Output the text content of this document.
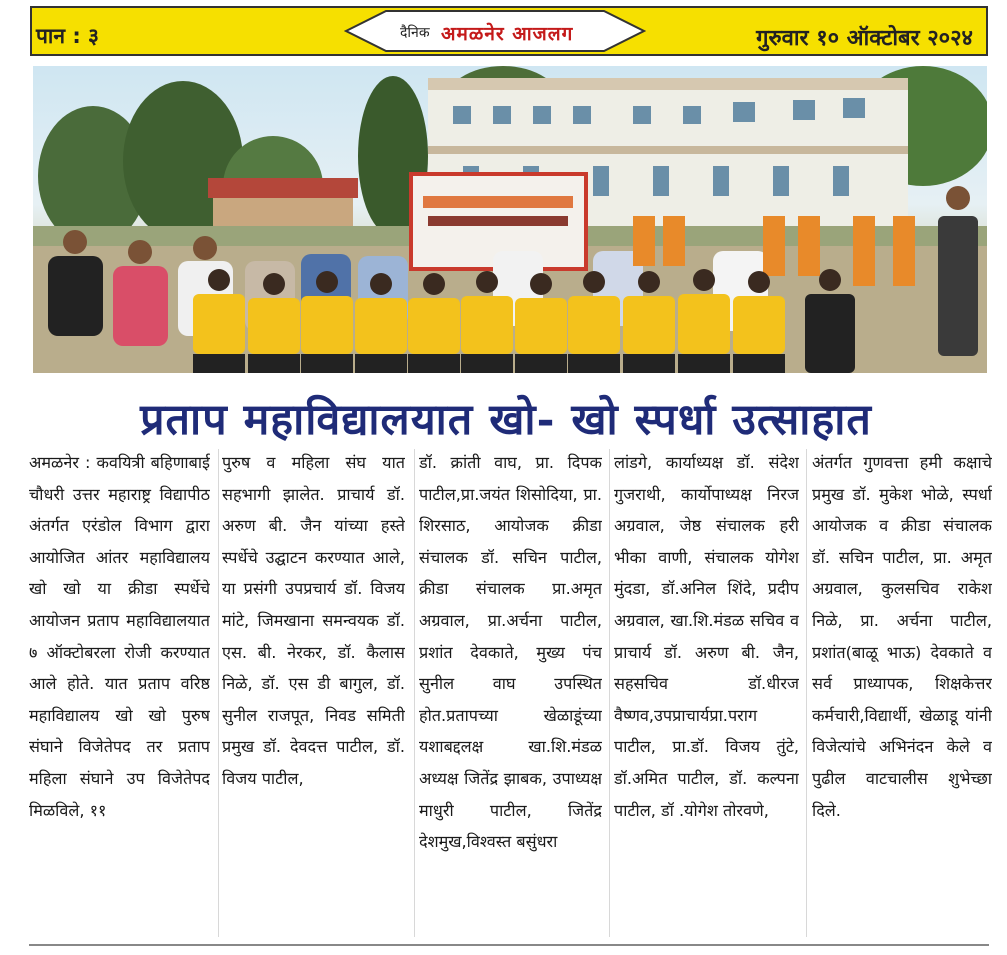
पान : ३	दैनिक अमळनेर आजलग	गुरुवार १० ऑक्टोबर २०२४
प्रताप महाविद्यालयात खो- खो स्पर्धा उत्साहात

अमळनेर : कवयित्री बहिणाबाई चौधरी उत्तर महाराष्ट्र विद्यापीठ अंतर्गत एरंडोल विभाग द्वारा आयोजित आंतर महाविद्यालय खो खो या क्रीडा स्पर्धेचे आयोजन प्रताप महाविद्यालयात ७ ऑक्टोबरला रोजी करण्यात आले होते. यात प्रताप वरिष्ठ महाविद्यालय खो खो पुरुष संघाने विजेतेपद तर प्रताप महिला संघाने उप विजेतेपद मिळविले, ११

पुरुष व महिला संघ यात सहभागी झालेत. प्राचार्य डॉ. अरुण बी. जैन यांच्या हस्ते स्पर्धेचे उद्घाटन करण्यात आले, या प्रसंगी उपप्रचार्य डॉ. विजय मांटे, जिमखाना समन्वयक डॉ. एस. बी. नेरकर, डॉ. कैलास निळे, डॉ. एस डी बागुल, डॉ. सुनील राजपूत, निवड समिती प्रमुख डॉ. देवदत्त पाटील, डॉ. विजय पाटील,

डॉ. क्रांती वाघ, प्रा. दिपक पाटील,प्रा.जयंत शिसोदिया, प्रा. शिरसाठ, आयोजक क्रीडा संचालक डॉ. सचिन पाटील, क्रीडा संचालक प्रा.अमृत अग्रवाल, प्रा.अर्चना पाटील, प्रशांत देवकाते, मुख्य पंच सुनील वाघ उपस्थित होत.प्रतापच्या खेळाडूंच्या यशाबद्दलक्ष खा.शि.मंडळ अध्यक्ष जितेंद्र झाबक, उपाध्यक्ष माधुरी पाटील, जितेंद्र देशमुख,विश्वस्त बसुंधरा

लांडगे, कार्याध्यक्ष डॉ. संदेश गुजराथी, कार्योपाध्यक्ष निरज अग्रवाल, जेष्ठ संचालक हरी भीका वाणी, संचालक योगेश मुंदडा, डॉ.अनिल शिंदे, प्रदीप अग्रवाल, खा.शि.मंडळ सचिव व प्राचार्य डॉ. अरुण बी. जैन, सहसचिव डॉ.धीरज वैष्णव,उपप्राचार्यप्रा.पराग पाटील, प्रा.डॉ. विजय तुंटे, डॉ.अमित पाटील, डॉ. कल्पना पाटील, डॉ .योगेश तोरवणे,

अंतर्गत गुणवत्ता हमी कक्षाचे प्रमुख डॉ. मुकेश भोळे, स्पर्धा आयोजक व क्रीडा संचालक डॉ. सचिन पाटील, प्रा. अमृत अग्रवाल, कुलसचिव राकेश निळे, प्रा. अर्चना पाटील, प्रशांत(बाळू भाऊ) देवकाते व सर्व प्राध्यापक, शिक्षकेत्तर कर्मचारी,विद्यार्थी, खेळाडू यांनी विजेत्यांचे अभिनंदन केले व पुढील वाटचालीस शुभेच्छा दिले.
